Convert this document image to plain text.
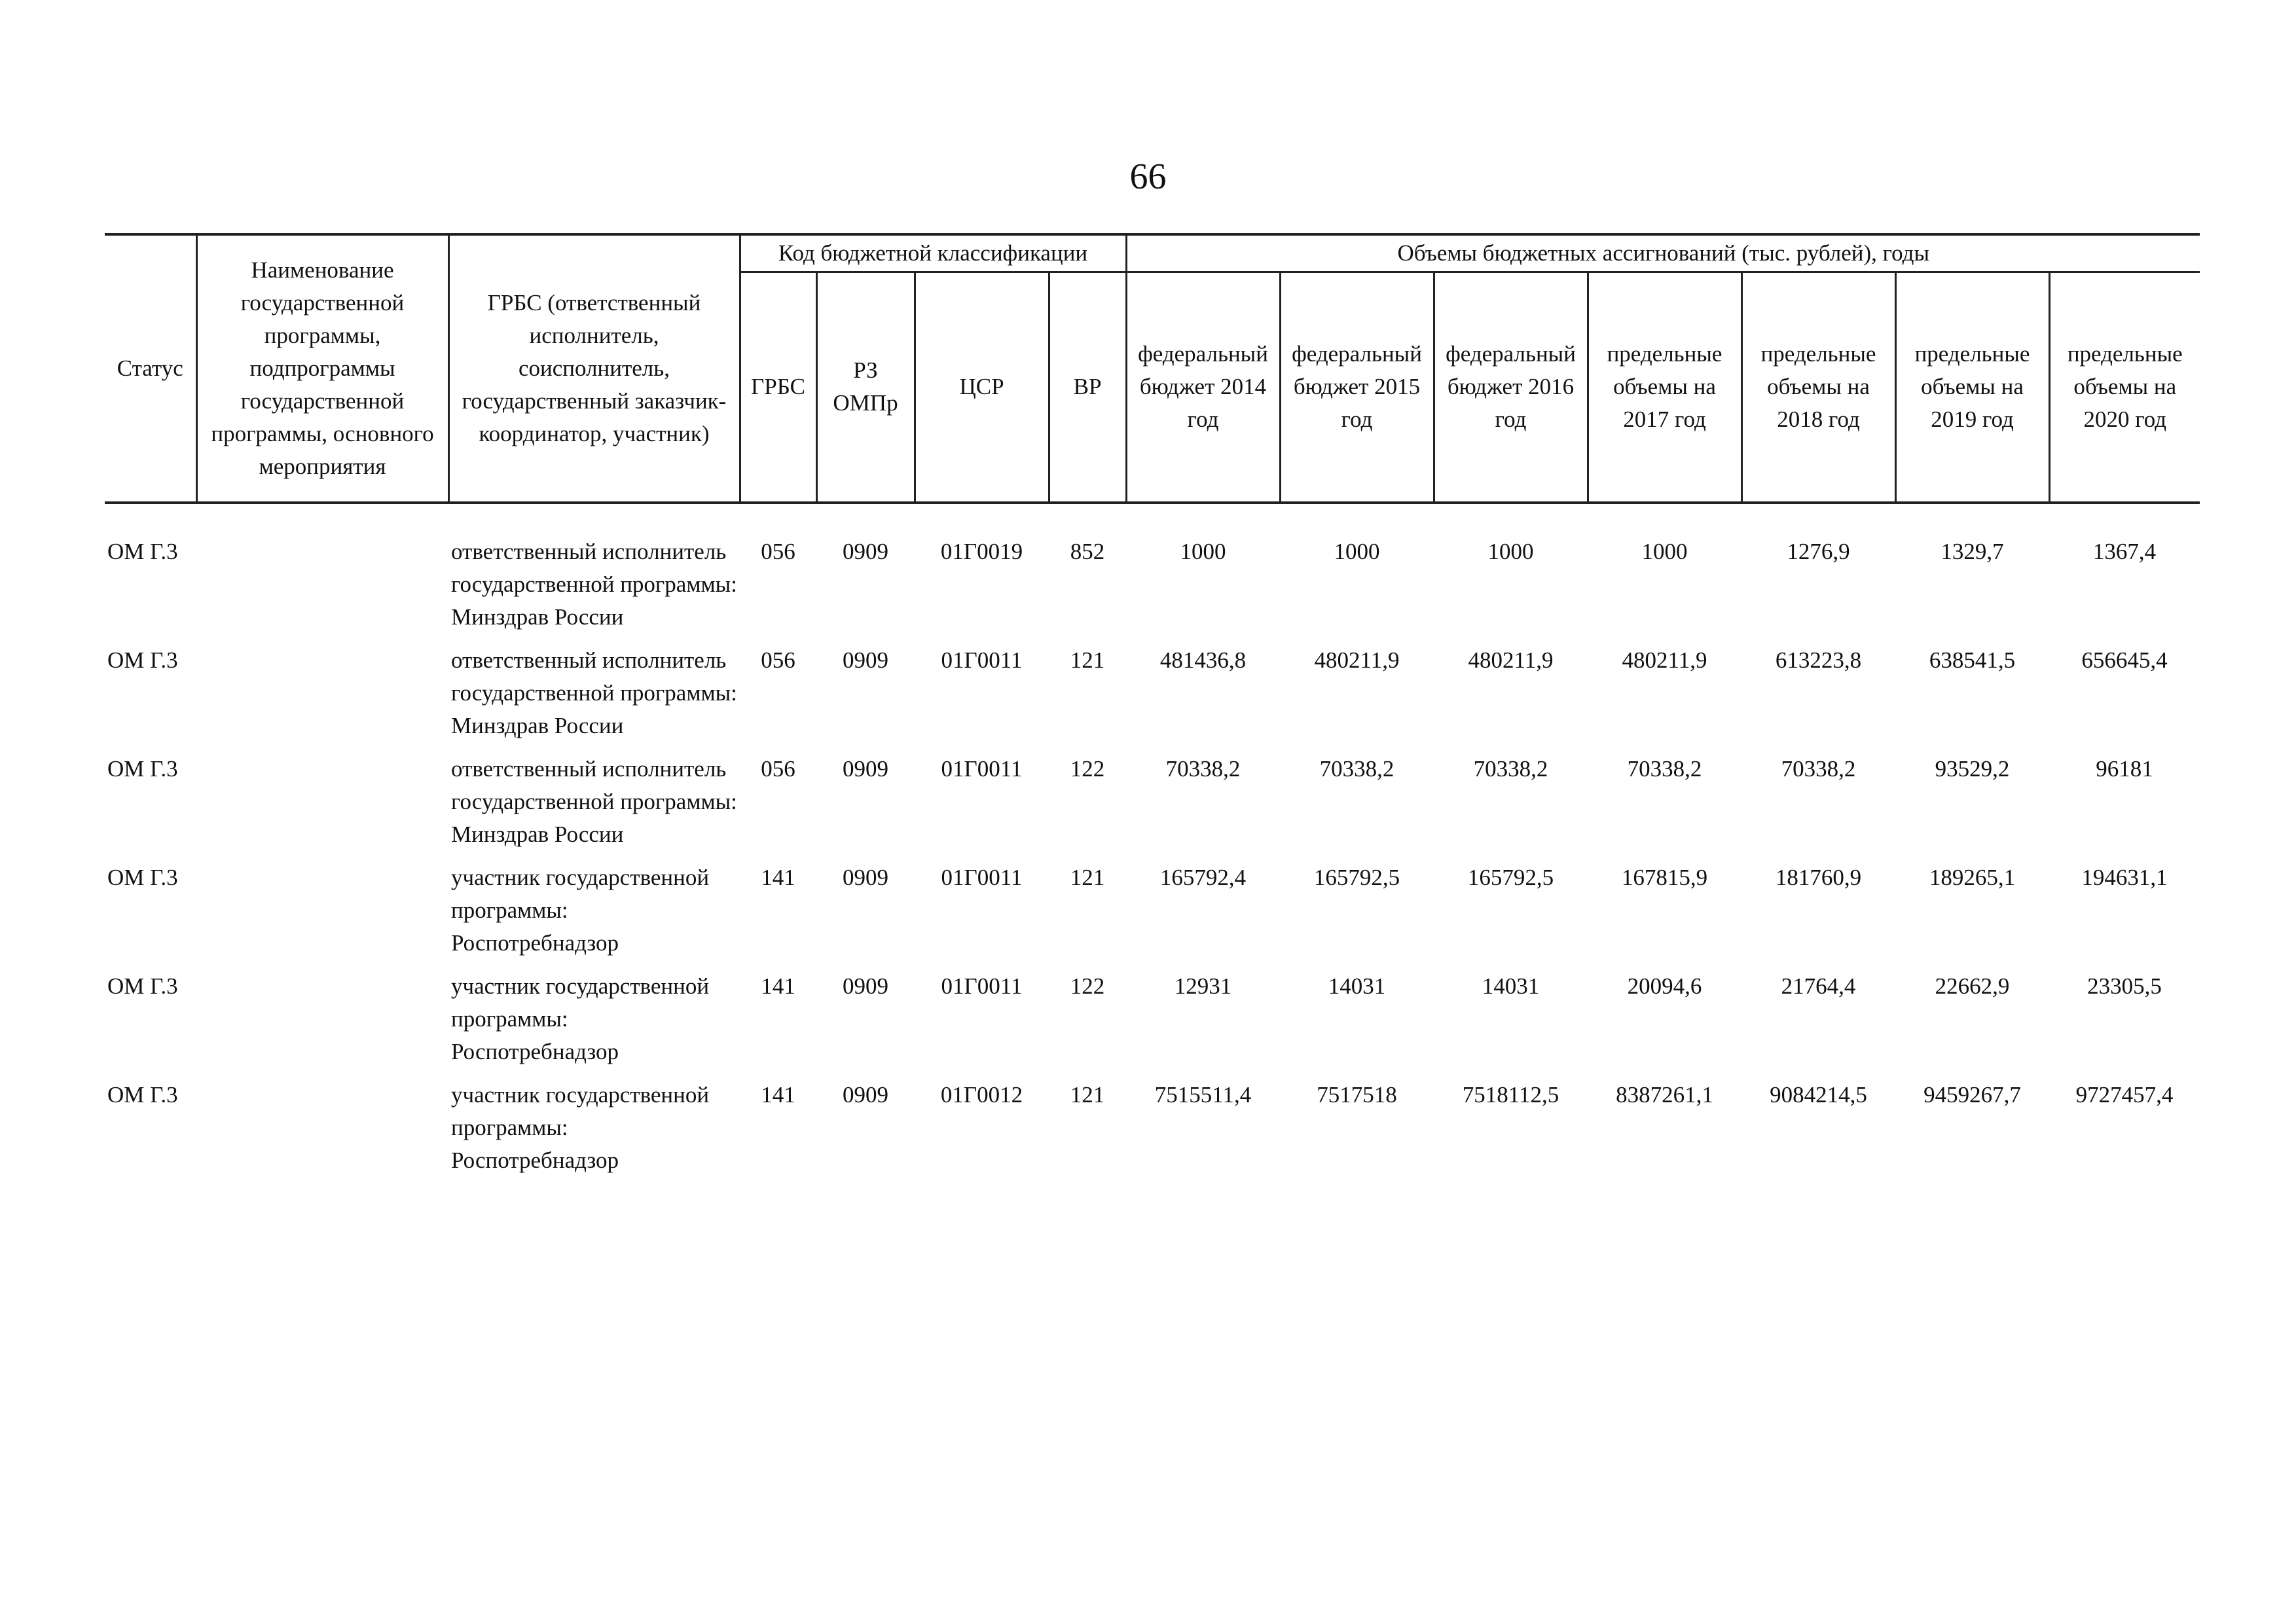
66
Статус	Наименование государственной программы, подпрограммы государственной программы, основного мероприятия	ГРБС (ответственный исполнитель, соисполнитель, государственный заказчик-координатор, участник)	Код бюджетной классификации				Объемы бюджетных ассигнований (тыс. рублей), годы						
			ГРБС	РЗ ОМПр	ЦСР	ВР	федеральный бюджет 2014 год	федеральный бюджет 2015 год	федеральный бюджет 2016 год	предельные объемы на 2017 год	предельные объемы на 2018 год	предельные объемы на 2019 год	предельные объемы на 2020 год

ОМ Г.3		ответственный исполнитель государственной программы: Минздрав России	056	0909	01Г0019	852	1000	1000	1000	1000	1276,9	1329,7	1367,4
ОМ Г.3		ответственный исполнитель государственной программы: Минздрав России	056	0909	01Г0011	121	481436,8	480211,9	480211,9	480211,9	613223,8	638541,5	656645,4
ОМ Г.3		ответственный исполнитель государственной программы: Минздрав России	056	0909	01Г0011	122	70338,2	70338,2	70338,2	70338,2	70338,2	93529,2	96181
ОМ Г.3		участник государственной программы: Роспотребнадзор	141	0909	01Г0011	121	165792,4	165792,5	165792,5	167815,9	181760,9	189265,1	194631,1
ОМ Г.3		участник государственной программы: Роспотребнадзор	141	0909	01Г0011	122	12931	14031	14031	20094,6	21764,4	22662,9	23305,5
ОМ Г.3		участник государственной программы: Роспотребнадзор	141	0909	01Г0012	121	7515511,4	7517518	7518112,5	8387261,1	9084214,5	9459267,7	9727457,4
